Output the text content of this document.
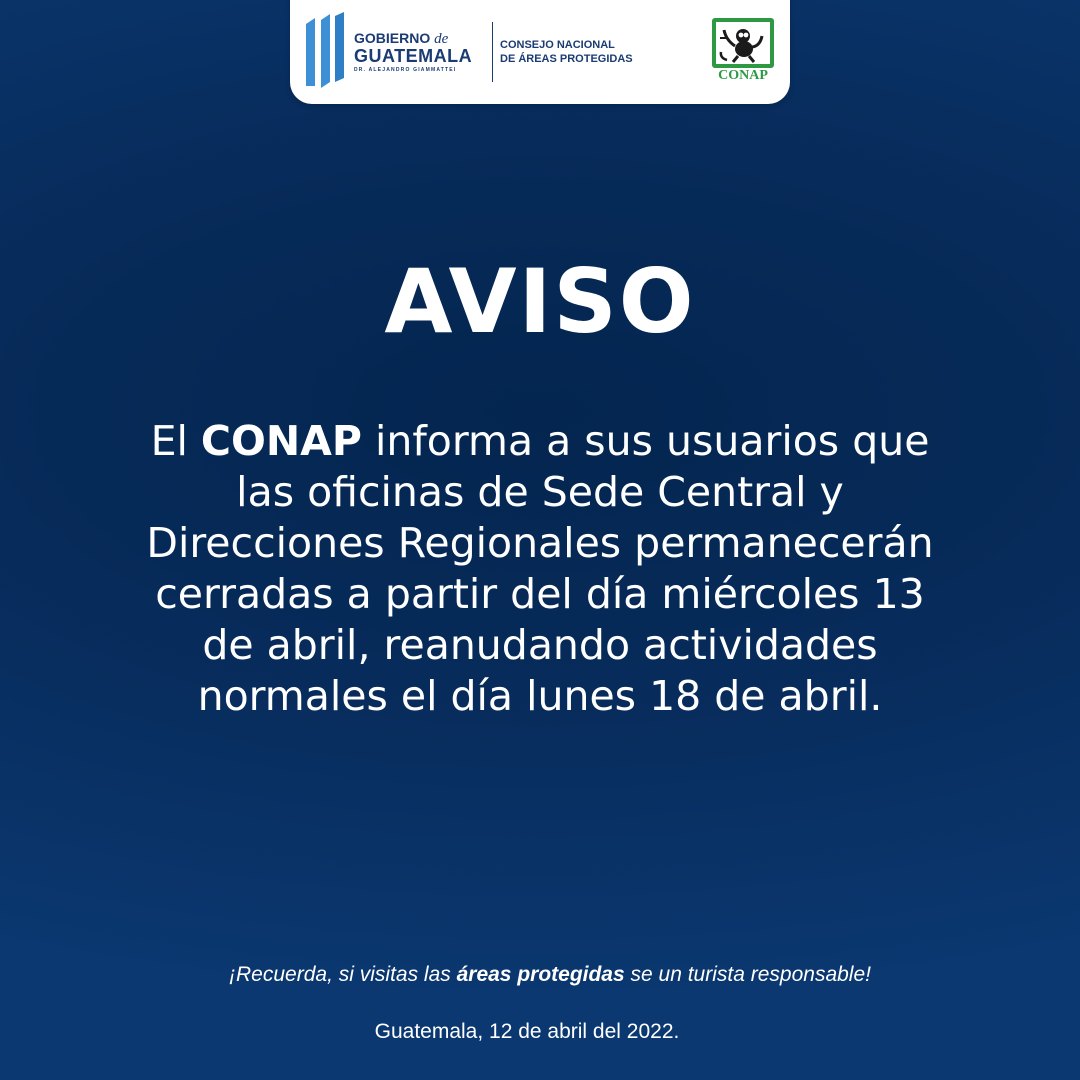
GOBIERNO de
GUATEMALA
DR. ALEJANDRO GIAMMATTEI
CONSEJO NACIONAL
DE ÁREAS PROTEGIDAS
CONAP
AVISO
El CONAP informa a sus usuarios que
las oficinas de Sede Central y
Direcciones Regionales permanecerán
cerradas a partir del día miércoles 13
de abril, reanudando actividades
normales el día lunes 18 de abril.
¡Recuerda, si visitas las áreas protegidas se un turista responsable!
Guatemala, 12 de abril del 2022.
